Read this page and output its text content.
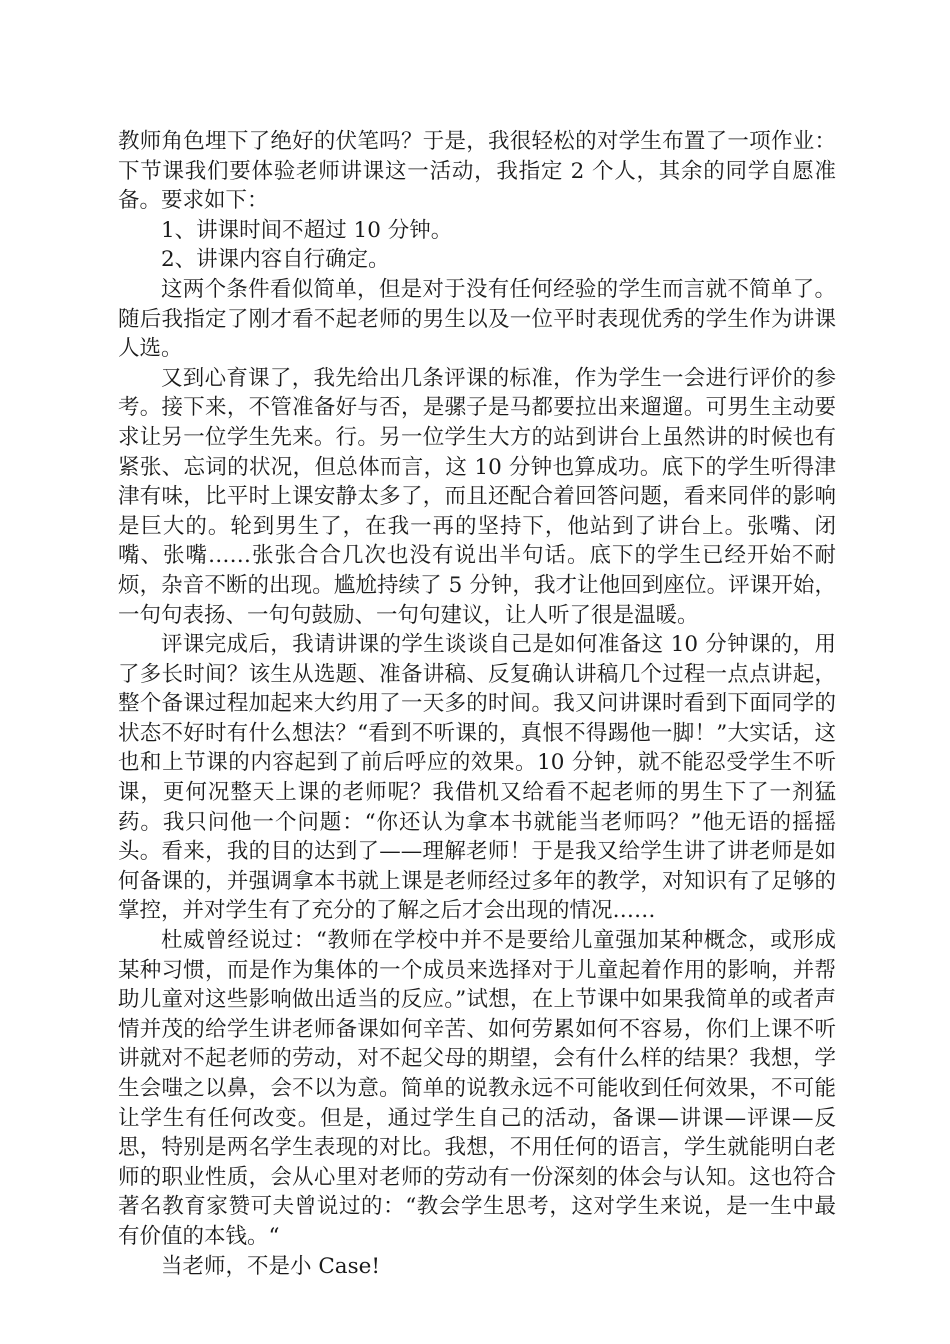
教师角色埋下了绝好的伏笔吗？于是，我很轻松的对学生布置了一项作业：下节课我们要体验老师讲课这一活动，我指定 2 个人，其余的同学自愿准备。要求如下：

1、讲课时间不超过 10 分钟。

2、讲课内容自行确定。

这两个条件看似简单，但是对于没有任何经验的学生而言就不简单了。随后我指定了刚才看不起老师的男生以及一位平时表现优秀的学生作为讲课人选。

又到心育课了，我先给出几条评课的标准，作为学生一会进行评价的参考。接下来，不管准备好与否，是骡子是马都要拉出来遛遛。可男生主动要求让另一位学生先来。行。另一位学生大方的站到讲台上虽然讲的时候也有紧张、忘词的状况，但总体而言，这 10 分钟也算成功。底下的学生听得津津有味，比平时上课安静太多了，而且还配合着回答问题，看来同伴的影响是巨大的。轮到男生了，在我一再的坚持下，他站到了讲台上。张嘴、闭嘴、张嘴……张张合合几次也没有说出半句话。底下的学生已经开始不耐烦，杂音不断的出现。尴尬持续了 5 分钟，我才让他回到座位。评课开始，一句句表扬、一句句鼓励、一句句建议，让人听了很是温暖。

评课完成后，我请讲课的学生谈谈自己是如何准备这 10 分钟课的，用了多长时间？该生从选题、准备讲稿、反复确认讲稿几个过程一点点讲起，整个备课过程加起来大约用了一天多的时间。我又问讲课时看到下面同学的状态不好时有什么想法？“看到不听课的，真恨不得踢他一脚！”大实话，这也和上节课的内容起到了前后呼应的效果。10 分钟，就不能忍受学生不听课，更何况整天上课的老师呢？我借机又给看不起老师的男生下了一剂猛药。我只问他一个问题：“你还认为拿本书就能当老师吗？”他无语的摇摇头。看来，我的目的达到了——理解老师！于是我又给学生讲了讲老师是如何备课的，并强调拿本书就上课是老师经过多年的教学，对知识有了足够的掌控，并对学生有了充分的了解之后才会出现的情况……

杜威曾经说过：“教师在学校中并不是要给儿童强加某种概念，或形成某种习惯，而是作为集体的一个成员来选择对于儿童起着作用的影响，并帮助儿童对这些影响做出适当的反应。”试想，在上节课中如果我简单的或者声情并茂的给学生讲老师备课如何辛苦、如何劳累如何不容易，你们上课不听讲就对不起老师的劳动，对不起父母的期望，会有什么样的结果？我想，学生会嗤之以鼻，会不以为意。简单的说教永远不可能收到任何效果，不可能让学生有任何改变。但是，通过学生自己的活动，备课—讲课—评课—反思，特别是两名学生表现的对比。我想，不用任何的语言，学生就能明白老师的职业性质，会从心里对老师的劳动有一份深刻的体会与认知。这也符合著名教育家赞可夫曾说过的：“教会学生思考，这对学生来说，是一生中最有价值的本钱。“

当老师，不是小 Case!
